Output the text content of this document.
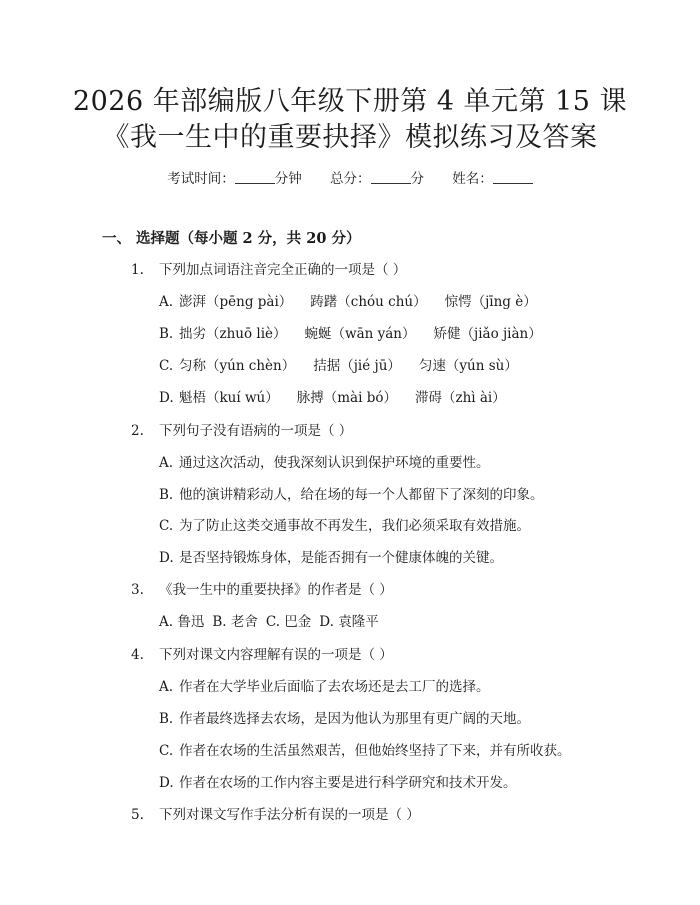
2026 年部编版八年级下册第 4 单元第 15 课
《我一生中的重要抉择》模拟练习及答案
考试时间：	分钟 总分：	分 姓名：
一、 选择题（每小题 2 分，共 20 分）
1. 下列加点词语注音完全正确的一项是（ ）
A. 澎湃（pēng pài） 踌躇（chóu chú） 惊愕（jīng è）
B. 拙劣（zhuō liè） 蜿蜒（wān yán） 矫健（jiǎo jiàn）
C. 匀称（yún chèn） 拮据（jié jū） 匀速（yún sù）
D. 魁梧（kuí wú） 脉搏（mài bó） 滞碍（zhì ài）
2. 下列句子没有语病的一项是（ ）
A. 通过这次活动，使我深刻认识到保护环境的重要性。
B. 他的演讲精彩动人，给在场的每一个人都留下了深刻的印象。
C. 为了防止这类交通事故不再发生，我们必须采取有效措施。
D. 是否坚持锻炼身体，是能否拥有一个健康体魄的关键。
3. 《我一生中的重要抉择》的作者是（ ）
A. 鲁迅 B. 老舍 C. 巴金 D. 袁隆平
4. 下列对课文内容理解有误的一项是（ ）
A. 作者在大学毕业后面临了去农场还是去工厂的选择。
B. 作者最终选择去农场，是因为他认为那里有更广阔的天地。
C. 作者在农场的生活虽然艰苦，但他始终坚持了下来，并有所收获。
D. 作者在农场的工作内容主要是进行科学研究和技术开发。
5. 下列对课文写作手法分析有误的一项是（ ）
